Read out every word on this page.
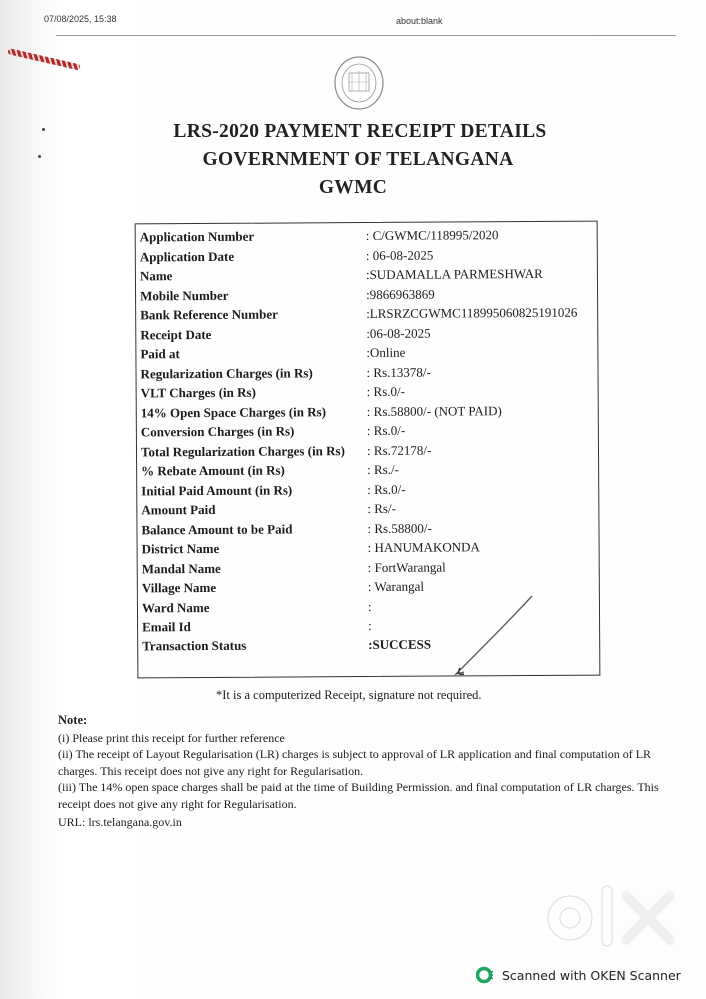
07/08/2025, 15:38	about:blank
LRS-2020 PAYMENT RECEIPT DETAILS
GOVERNMENT OF TELANGANA
GWMC
Application Number	: C/GWMC/118995/2020
Application Date	: 06-08-2025
Name	:SUDAMALLA PARMESHWAR
Mobile Number	:9866963869
Bank Reference Number	:LRSRZCGWMC118995060825191026
Receipt Date	:06-08-2025
Paid at	:Online
Regularization Charges (in Rs)	: Rs.13378/-
VLT Charges (in Rs)	: Rs.0/-
14% Open Space Charges (in Rs)	: Rs.58800/- (NOT PAID)
Conversion Charges (in Rs)	: Rs.0/-
Total Regularization Charges (in Rs) : Rs.72178/-
% Rebate Amount (in Rs)	: Rs./-
Initial Paid Amount (in Rs)	: Rs.0/-
Amount Paid	: Rs/-
Balance Amount to be Paid	: Rs.58800/-
District Name	: HANUMAKONDA
Mandal Name	: FortWarangal
Village Name	: Warangal
Ward Name	:
Email Id	:
Transaction Status	:SUCCESS
*It is a computerized Receipt, signature not required.
Note:

(i) Please print this receipt for further reference

(ii) The receipt of Layout Regularisation (LR) charges is subject to approval of LR application and final computation of LR charges. This receipt does not give any right for Regularisation.

(iii) The 14% open space charges shall be paid at the time of Building Permission. and final computation of LR charges. This receipt does not give any right for Regularisation.

URL: lrs.telangana.gov.in

Scanned with OKEN Scanner
